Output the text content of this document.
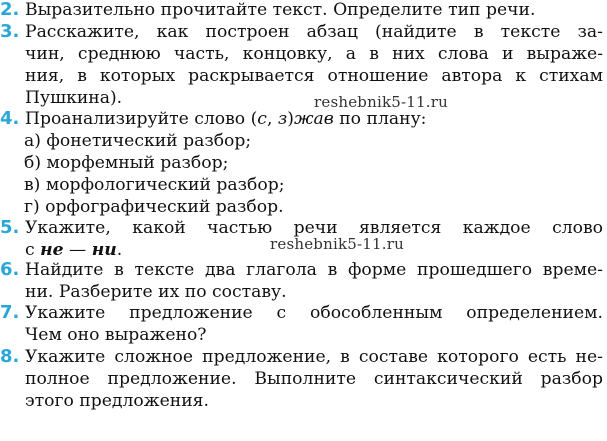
2. Выразительно прочитайте текст. Определите тип речи.
3. Расскажите, как построен абзац (найдите в тексте за-
чин, среднюю часть, концовку, а в них слова и выраже-
ния, в которых раскрывается отношение автора к стихам
Пушкина).	reshebnik5-11.ru
4. Проанализируйте слово (с, з)жав по плану:
а) фонетический разбор;
б) морфемный разбор;
в) морфологический разбор;
г) орфографический разбор.
5. Укажите, какой частью речи является каждое слово
с не — ни.	reshebnik5-11.ru
6. Найдите в тексте два глагола в форме прошедшего време-
ни. Разберите их по составу.
7. Укажите предложение с обособленным определением.
Чем оно выражено?
8. Укажите сложное предложение, в составе которого есть не-
полное предложение. Выполните синтаксический разбор
этого предложения.
